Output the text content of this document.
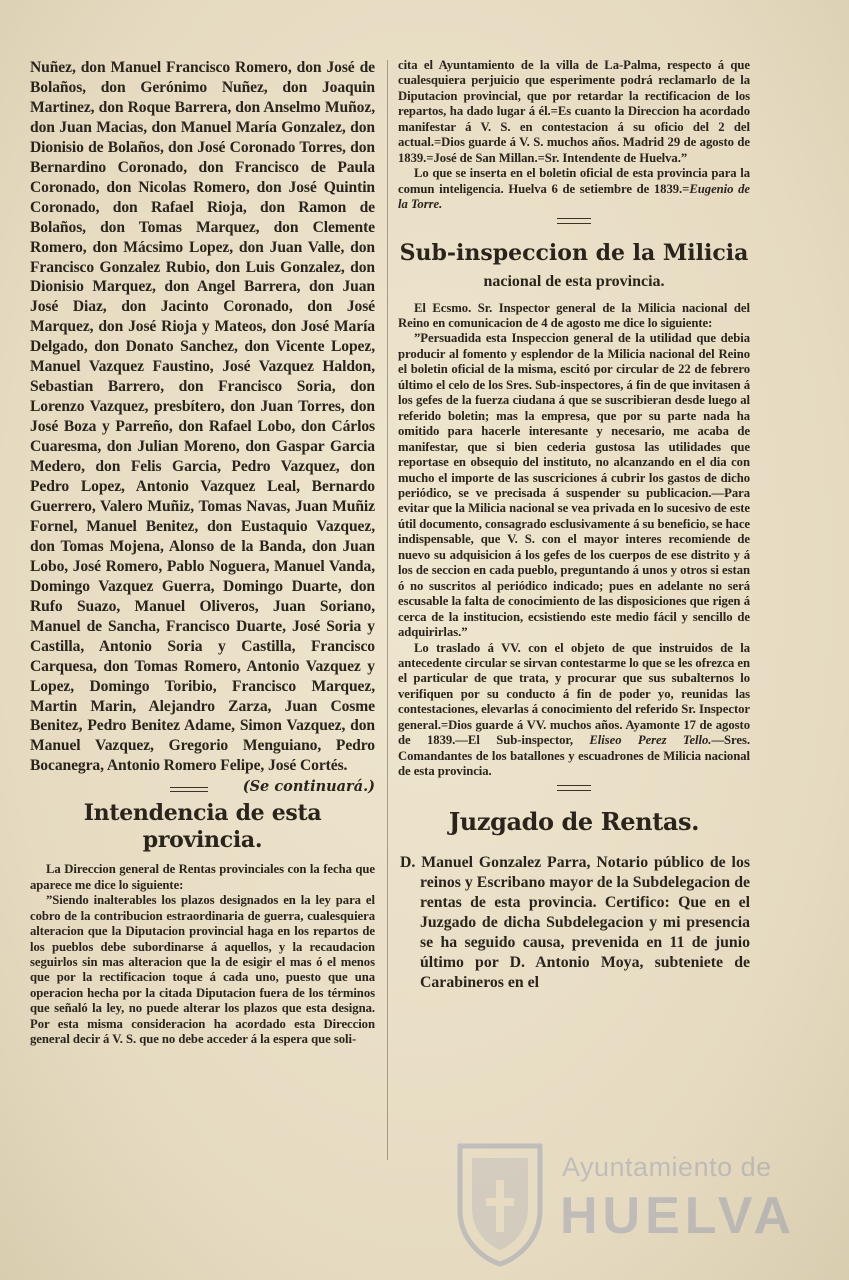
Nuñez, don Manuel Francisco Romero, don José de Bolaños, don Gerónimo Nuñez, don Joaquin Martinez, don Roque Barrera, don Anselmo Muñoz, don Juan Macias, don Manuel María Gonzalez, don Dionisio de Bolaños, don José Coronado Torres, don Bernardino Coronado, don Francisco de Paula Coronado, don Nicolas Romero, don José Quintin Coronado, don Rafael Rioja, don Ramon de Bolaños, don Tomas Marquez, don Clemente Romero, don Mácsimo Lopez, don Juan Valle, don Francisco Gonzalez Rubio, don Luis Gonzalez, don Dionisio Marquez, don Angel Barrera, don Juan José Diaz, don Jacinto Coronado, don José Marquez, don José Rioja y Mateos, don José María Delgado, don Donato Sanchez, don Vicente Lopez, Manuel Vazquez Faustino, José Vazquez Haldon, Sebastian Barrero, don Francisco Soria, don Lorenzo Vazquez, presbítero, don Juan Torres, don José Boza y Parreño, don Rafael Lobo, don Cárlos Cuaresma, don Julian Moreno, don Gaspar Garcia Medero, don Felis Garcia, Pedro Vazquez, don Pedro Lopez, Antonio Vazquez Leal, Bernardo Guerrero, Valero Muñiz, Tomas Navas, Juan Muñiz Fornel, Manuel Benitez, don Eustaquio Vazquez, don Tomas Mojena, Alonso de la Banda, don Juan Lobo, José Romero, Pablo Noguera, Manuel Vanda, Domingo Vazquez Guerra, Domingo Duarte, don Rufo Suazo, Manuel Oliveros, Juan Soriano, Manuel de Sancha, Francisco Duarte, José Soria y Castilla, Antonio Soria y Castilla, Francisco Carquesa, don Tomas Romero, Antonio Vazquez y Lopez, Domingo Toribio, Francisco Marquez, Martin Marin, Alejandro Zarza, Juan Cosme Benitez, Pedro Benitez Adame, Simon Vazquez, don Manuel Vazquez, Gregorio Menguiano, Pedro Bocanegra, Antonio Romero Felipe, José Cortés.

(Se continuará.)
Intendencia de esta provincia.

La Direccion general de Rentas provinciales con la fecha que aparece me dice lo siguiente:

”Siendo inalterables los plazos designados en la ley para el cobro de la contribucion estraordinaria de guerra, cualesquiera alteracion que la Diputacion provincial haga en los repartos de los pueblos debe subordinarse á aquellos, y la recaudacion seguirlos sin mas alteracion que la de esigir el mas ó el menos que por la rectificacion toque á cada uno, puesto que una operacion hecha por la citada Diputacion fuera de los términos que señaló la ley, no puede alterar los plazos que esta designa. Por esta misma consideracion ha acordado esta Direccion general decir á V. S. que no debe acceder á la espera que soli-

cita el Ayuntamiento de la villa de La-Palma, respecto á que cualesquiera perjuicio que esperimente podrá reclamarlo de la Diputacion provincial, que por retardar la rectificacion de los repartos, ha dado lugar á él.=Es cuanto la Direccion ha acordado manifestar á V. S. en contestacion á su oficio del 2 del actual.=Dios guarde á V. S. muchos años. Madrid 29 de agosto de 1839.=José de San Millan.=Sr. Intendente de Huelva.”

Lo que se inserta en el boletin oficial de esta provincia para la comun inteligencia. Huelva 6 de setiembre de 1839.=Eugenio de la Torre.

Sub-inspeccion de la Milicia
nacional de esta provincia.

El Ecsmo. Sr. Inspector general de la Milicia nacional del Reino en comunicacion de 4 de agosto me dice lo siguiente:

”Persuadida esta Inspeccion general de la utilidad que debia producir al fomento y esplendor de la Milicia nacional del Reino el boletin oficial de la misma, escitó por circular de 22 de febrero último el celo de los Sres. Sub-inspectores, á fin de que invitasen á los gefes de la fuerza ciudana á que se suscribieran desde luego al referido boletin; mas la empresa, que por su parte nada ha omitido para hacerle interesante y necesario, me acaba de manifestar, que si bien cederia gustosa las utilidades que reportase en obsequio del instituto, no alcanzando en el dia con mucho el importe de las suscriciones á cubrir los gastos de dicho periódico, se ve precisada á suspender su publicacion.—Para evitar que la Milicia nacional se vea privada en lo sucesivo de este útil documento, consagrado esclusivamente á su beneficio, se hace indispensable, que V. S. con el mayor interes recomiende de nuevo su adquisicion á los gefes de los cuerpos de ese distrito y á los de seccion en cada pueblo, preguntando á unos y otros si estan ó no suscritos al periódico indicado; pues en adelante no será escusable la falta de conocimiento de las disposiciones que rigen á cerca de la institucion, ecsistiendo este medio fácil y sencillo de adquirirlas.”

Lo traslado á VV. con el objeto de que instruidos de la antecedente circular se sirvan contestarme lo que se les ofrezca en el particular de que trata, y procurar que sus subalternos lo verifiquen por su conducto á fin de poder yo, reunidas las contestaciones, elevarlas á conocimiento del referido Sr. Inspector general.=Dios guarde á VV. muchos años. Ayamonte 17 de agosto de 1839.—El Sub-inspector, Eliseo Perez Tello.—Sres. Comandantes de los batallones y escuadrones de Milicia nacional de esta provincia.

Juzgado de Rentas.

D. Manuel Gonzalez Parra, Notario público de los reinos y Escribano mayor de la Subdelegacion de rentas de esta provincia. Certifico: Que en el Juzgado de dicha Subdelegacion y mi presencia se ha seguido causa, prevenida en 11 de junio último por D. Antonio Moya, subteniete de Carabineros en el

Ayuntamiento de
HUELVA
